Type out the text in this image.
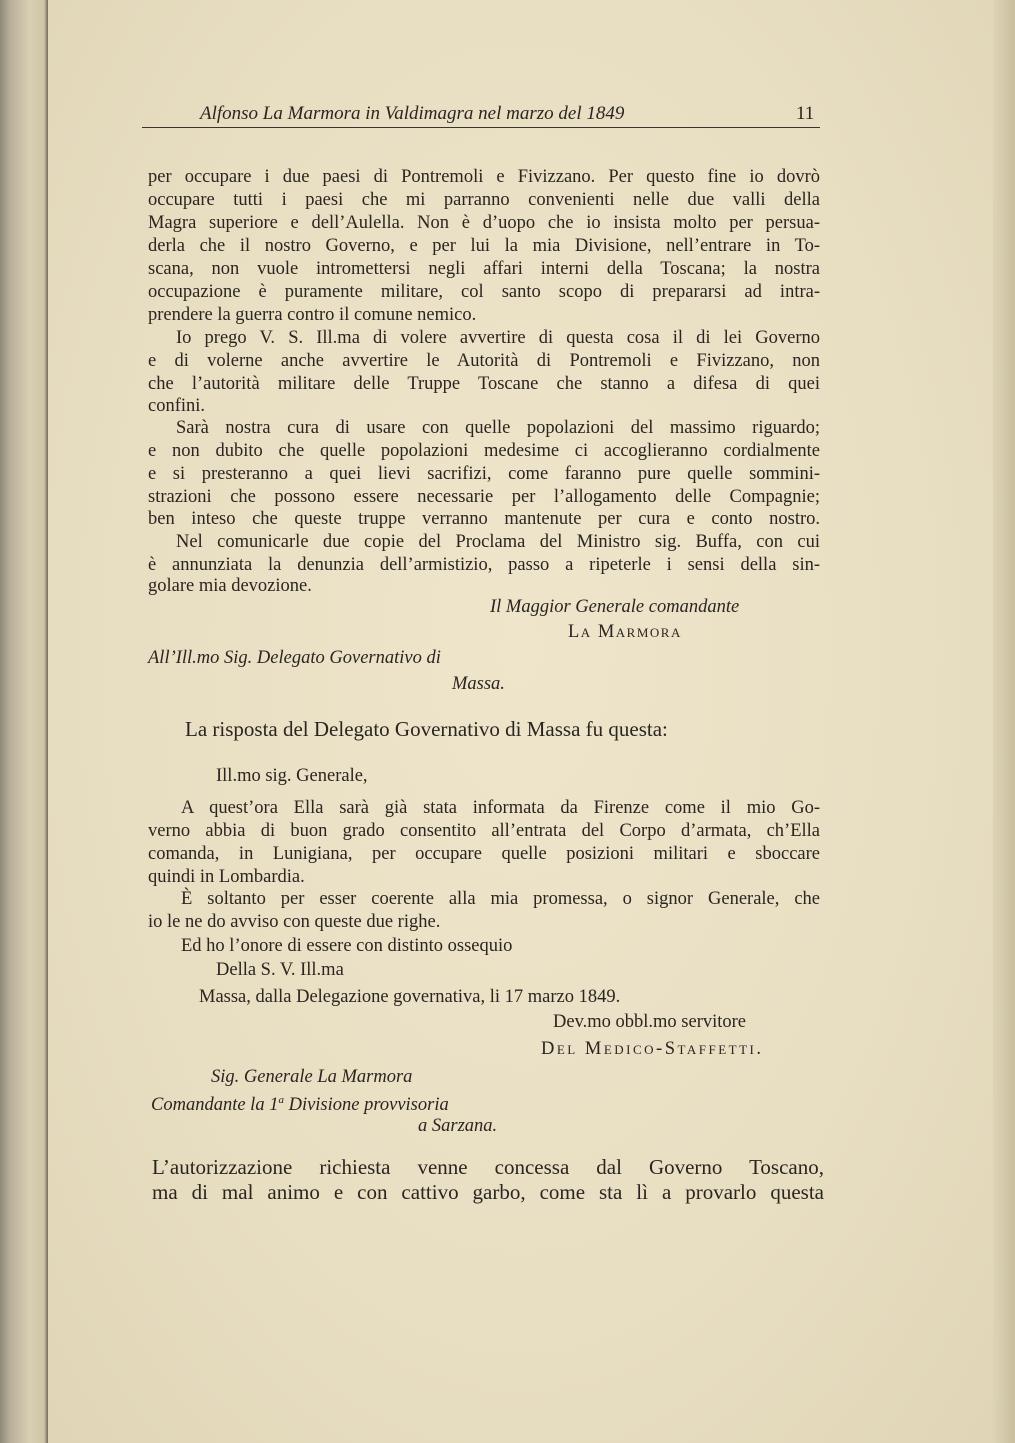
Alfonso La Marmora in Valdimagra nel marzo del 1849	11
per occupare i due paesi di Pontremoli e Fivizzano. Per questo fine io dovrò
occupare tutti i paesi che mi parranno convenienti nelle due valli della
Magra superiore e dell’Aulella. Non è d’uopo che io insista molto per persua-
derla che il nostro Governo, e per lui la mia Divisione, nell’entrare in To-
scana, non vuole intromettersi negli affari interni della Toscana; la nostra
occupazione è puramente militare, col santo scopo di prepararsi ad intra-
prendere la guerra contro il comune nemico.
Io prego V. S. Ill.ma di volere avvertire di questa cosa il di lei Governo
e di volerne anche avvertire le Autorità di Pontremoli e Fivizzano, non
che l’autorità militare delle Truppe Toscane che stanno a difesa di quei
confini.
Sarà nostra cura di usare con quelle popolazioni del massimo riguardo;
e non dubito che quelle popolazioni medesime ci accoglieranno cordialmente
e si presteranno a quei lievi sacrifizi, come faranno pure quelle sommini-
strazioni che possono essere necessarie per l’allogamento delle Compagnie;
ben inteso che queste truppe verranno mantenute per cura e conto nostro.
Nel comunicarle due copie del Proclama del Ministro sig. Buffa, con cui
è annunziata la denunzia dell’armistizio, passo a ripeterle i sensi della sin-
golare mia devozione.
Il Maggior Generale comandante
La Marmora
All’Ill.mo Sig. Delegato Governativo di
Massa.
La risposta del Delegato Governativo di Massa fu questa:
Ill.mo sig. Generale,
A quest’ora Ella sarà già stata informata da Firenze come il mio Go-
verno abbia di buon grado consentito all’entrata del Corpo d’armata, ch’Ella
comanda, in Lunigiana, per occupare quelle posizioni militari e sboccare
quindi in Lombardia.
È soltanto per esser coerente alla mia promessa, o signor Generale, che
io le ne do avviso con queste due righe.
Ed ho l’onore di essere con distinto ossequio
Della S. V. Ill.ma
Massa, dalla Delegazione governativa, li 17 marzo 1849.
Dev.mo obbl.mo servitore
Del Medico-Staffetti.
Sig. Generale La Marmora
Comandante la 1$^a$ Divisione provvisoria
a Sarzana.
L’autorizzazione richiesta venne concessa dal Governo Toscano,
ma di mal animo e con cattivo garbo, come sta lì a provarlo questa
